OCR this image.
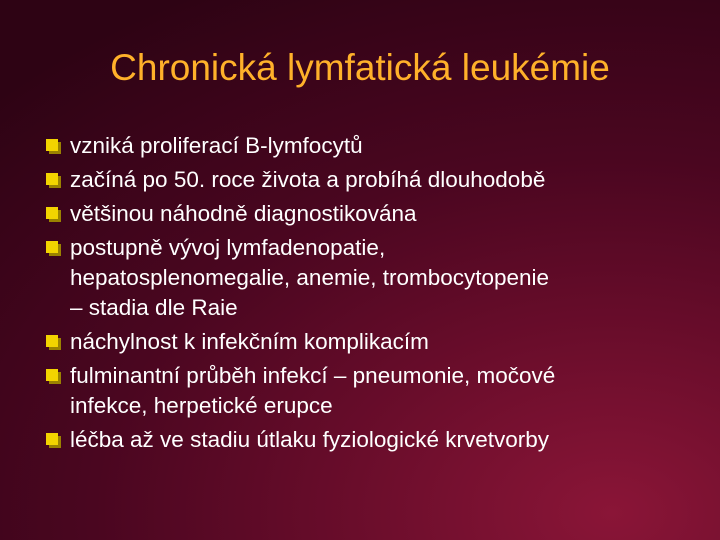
Chronická lymfatická leukémie
vzniká proliferací B-lymfocytů
začíná po 50. roce života a probíhá dlouhodobě
většinou náhodně diagnostikována
postupně vývoj lymfadenopatie,
hepatosplenomegalie, anemie, trombocytopenie
– stadia dle Raie
náchylnost k infekčním komplikacím
fulminantní průběh infekcí – pneumonie, močové
infekce, herpetické erupce
léčba až ve stadiu útlaku fyziologické krvetvorby
